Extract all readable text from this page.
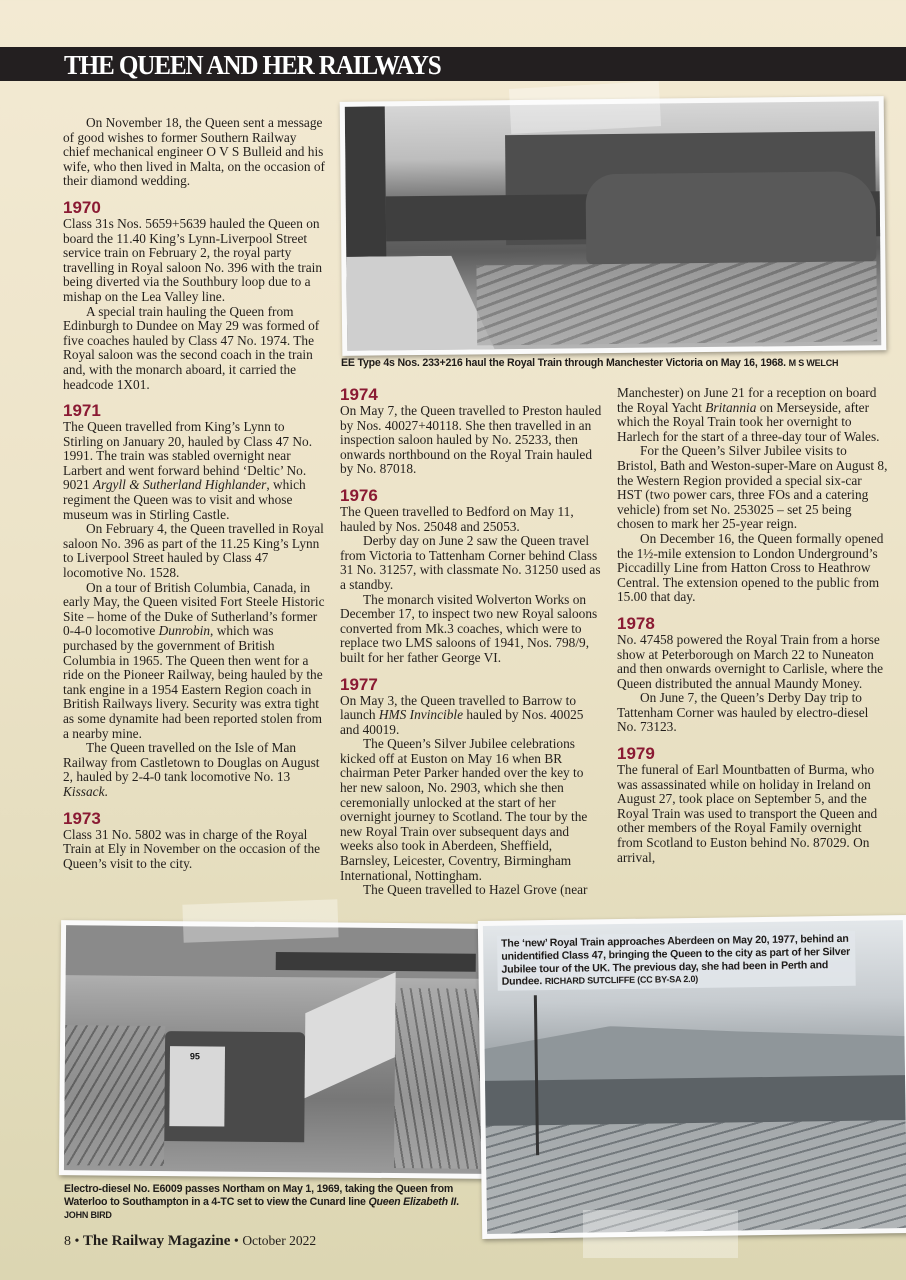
THE QUEEN AND HER RAILWAYS

On November 18, the Queen sent a message of good wishes to former Southern Railway chief mechanical engineer O V S Bulleid and his wife, who then lived in Malta, on the occasion of their diamond wedding.

1970

Class 31s Nos. 5659+5639 hauled the Queen on board the 11.40 King’s Lynn-Liverpool Street service train on February 2, the royal party travelling in Royal saloon No. 396 with the train being diverted via the Southbury loop due to a mishap on the Lea Valley line.

A special train hauling the Queen from Edinburgh to Dundee on May 29 was formed of five coaches hauled by Class 47 No. 1974. The Royal saloon was the second coach in the train and, with the monarch aboard, it carried the headcode 1X01.

1971

The Queen travelled from King’s Lynn to Stirling on January 20, hauled by Class 47 No. 1991. The train was stabled overnight near Larbert and went forward behind ‘Deltic’ No. 9021 Argyll & Sutherland Highlander, which regiment the Queen was to visit and whose museum was in Stirling Castle.

On February 4, the Queen travelled in Royal saloon No. 396 as part of the 11.25 King’s Lynn to Liverpool Street hauled by Class 47 locomotive No. 1528.

On a tour of British Columbia, Canada, in early May, the Queen visited Fort Steele Historic Site – home of the Duke of Sutherland’s former 0-4-0 locomotive Dunrobin, which was purchased by the government of British Columbia in 1965. The Queen then went for a ride on the Pioneer Railway, being hauled by the tank engine in a 1954 Eastern Region coach in British Railways livery. Security was extra tight as some dynamite had been reported stolen from a nearby mine.

The Queen travelled on the Isle of Man Railway from Castletown to Douglas on August 2, hauled by 2-4-0 tank locomotive No. 13 Kissack.

1973

Class 31 No. 5802 was in charge of the Royal Train at Ely in November on the occasion of the Queen’s visit to the city.

1974

On May 7, the Queen travelled to Preston hauled by Nos. 40027+40118. She then travelled in an inspection saloon hauled by No. 25233, then onwards northbound on the Royal Train hauled by No. 87018.

1976

The Queen travelled to Bedford on May 11, hauled by Nos. 25048 and 25053.

Derby day on June 2 saw the Queen travel from Victoria to Tattenham Corner behind Class 31 No. 31257, with classmate No. 31250 used as a standby.

The monarch visited Wolverton Works on December 17, to inspect two new Royal saloons converted from Mk.3 coaches, which were to replace two LMS saloons of 1941, Nos. 798/9, built for her father George VI.

1977

On May 3, the Queen travelled to Barrow to launch HMS Invincible hauled by Nos. 40025 and 40019.

The Queen’s Silver Jubilee celebrations kicked off at Euston on May 16 when BR chairman Peter Parker handed over the key to her new saloon, No. 2903, which she then ceremonially unlocked at the start of her overnight journey to Scotland. The tour by the new Royal Train over subsequent days and weeks also took in Aberdeen, Sheffield, Barnsley, Leicester, Coventry, Birmingham International, Nottingham.

The Queen travelled to Hazel Grove (near

Manchester) on June 21 for a reception on board the Royal Yacht Britannia on Merseyside, after which the Royal Train took her overnight to Harlech for the start of a three-day tour of Wales.

For the Queen’s Silver Jubilee visits to Bristol, Bath and Weston-super-Mare on August 8, the Western Region provided a special six-car HST (two power cars, three FOs and a catering vehicle) from set No. 253025 – set 25 being chosen to mark her 25-year reign.

On December 16, the Queen formally opened the 1½-mile extension to London Underground’s Piccadilly Line from Hatton Cross to Heathrow Central. The extension opened to the public from 15.00 that day.

1978

No. 47458 powered the Royal Train from a horse show at Peterborough on March 22 to Nuneaton and then onwards overnight to Carlisle, where the Queen distributed the annual Maundy Money.

On June 7, the Queen’s Derby Day trip to Tattenham Corner was hauled by electro-diesel No. 73123.

1979

The funeral of Earl Mountbatten of Burma, who was assassinated while on holiday in Ireland on August 27, took place on September 5, and the Royal Train was used to transport the Queen and other members of the Royal Family overnight from Scotland to Euston behind No. 87029. On arrival,

EE Type 4s Nos. 233+216 haul the Royal Train through Manchester Victoria on May 16, 1968. M S WELCH
95
Electro-diesel No. E6009 passes Northam on May 1, 1969, taking the Queen from Waterloo to Southampton in a 4-TC set to view the Cunard line Queen Elizabeth II.
JOHN BIRD
The ‘new’ Royal Train approaches Aberdeen on May 20, 1977, behind an unidentified Class 47, bringing the Queen to the city as part of her Silver Jubilee tour of the UK. The previous day, she had been in Perth and Dundee. RICHARD SUTCLIFFE (CC BY-SA 2.0)
8 • The Railway Magazine • October 2022
